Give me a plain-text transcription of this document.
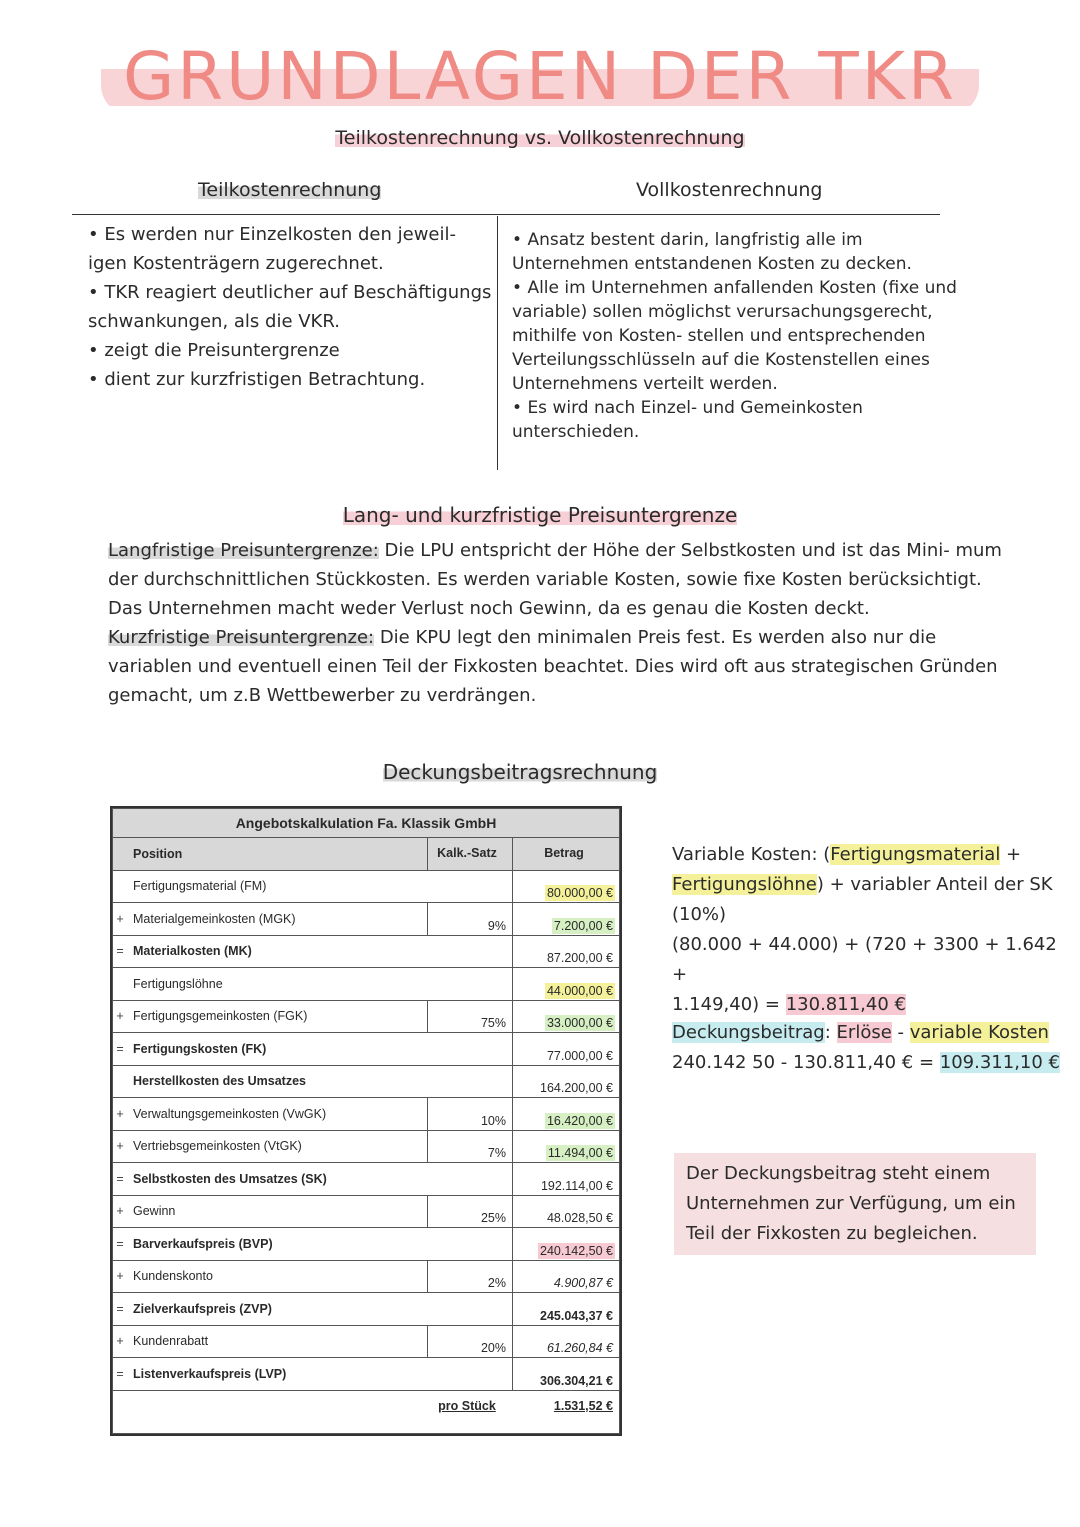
GRUNDLAGEN DER TKR
Teilkostenrechnung vs. Vollkostenrechnung
Teilkostenrechnung	Vollkostenrechnung
• Es werden nur Einzelkosten den jeweil- igen Kostenträgern zugerechnet.
• TKR reagiert deutlicher auf Beschäftigungs schwankungen, als die VKR.
• zeigt die Preisuntergrenze
• dient zur kurzfristigen Betrachtung.
• Ansatz bestent darin, langfristig alle im Unternehmen entstandenen Kosten zu decken.
• Alle im Unternehmen anfallenden Kosten (fixe und variable) sollen möglichst verursachungsgerecht, mithilfe von Kosten- stellen und entsprechenden Verteilungsschlüsseln auf die Kostenstellen eines Unternehmens verteilt werden.
• Es wird nach Einzel- und Gemeinkosten unterschieden.
Lang- und kurzfristige Preisuntergrenze
Langfristige Preisuntergrenze: Die LPU entspricht der Höhe der Selbstkosten und ist das Mini- mum der durchschnittlichen Stückkosten. Es werden variable Kosten, sowie fixe Kosten berücksichtigt. Das Unternehmen macht weder Verlust noch Gewinn, da es genau die Kosten deckt.
Kurzfristige Preisuntergrenze: Die KPU legt den minimalen Preis fest. Es werden also nur die variablen und eventuell einen Teil der Fixkosten beachtet. Dies wird oft aus strategischen Gründen gemacht, um z.B Wettbewerber zu verdrängen.
Deckungsbeitragsrechnung
Angebotskalkulation Fa. Klassik GmbH			
	Position	Kalk.-Satz	Betrag
	Fertigungsmaterial (FM)		80.000,00 €
+	Materialgemeinkosten (MGK)	9%	7.200,00 €
=	Materialkosten (MK)		87.200,00 €
	Fertigungslöhne		44.000,00 €
+	Fertigungsgemeinkosten (FGK)	75%	33.000,00 €
=	Fertigungskosten (FK)		77.000,00 €
	Herstellkosten des Umsatzes		164.200,00 €
+	Verwaltungsgemeinkosten (VwGK)	10%	16.420,00 €
+	Vertriebsgemeinkosten (VtGK)	7%	11.494,00 €
=	Selbstkosten des Umsatzes (SK)		192.114,00 €
+	Gewinn	25%	48.028,50 €
=	Barverkaufspreis (BVP)		240.142,50 €
+	Kundenskonto	2%	4.900,87 €
=	Zielverkaufspreis (ZVP)		245.043,37 €
+	Kundenrabatt	20%	61.260,84 €
=	Listenverkaufspreis (LVP)		306.304,21 €
		pro Stück	1.531,52 €
Variable Kosten: (Fertigungsmaterial + Fertigungslöhne) + variabler Anteil der SK (10%)
(80.000 + 44.000) + (720 + 3300 + 1.642 +
1.149,40) = 130.811,40 €
Deckungsbeitrag: Erlöse - variable Kosten
240.142 50 - 130.811,40 € = 109.311,10 €
Der Deckungsbeitrag steht einem Unternehmen zur Verfügung, um ein Teil der Fixkosten zu begleichen.
